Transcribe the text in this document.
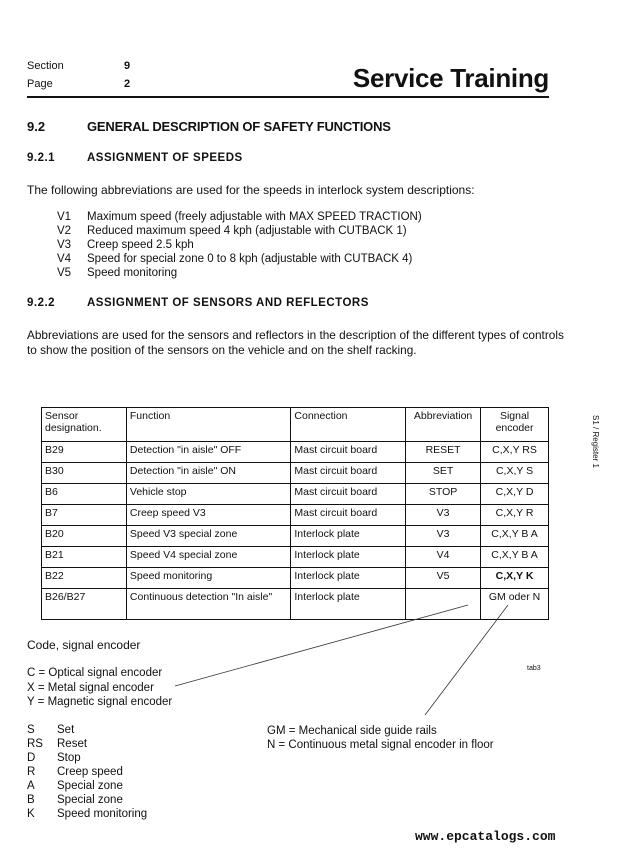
Section	9
Page	2	Service Training
9.2	GENERAL DESCRIPTION OF SAFETY FUNCTIONS
9.2.1	ASSIGNMENT OF SPEEDS
The following abbreviations are used for the speeds in interlock system descriptions:
V1 Maximum speed (freely adjustable with MAX SPEED TRACTION)
V2 Reduced maximum speed 4 kph (adjustable with CUTBACK 1)
V3 Creep speed 2.5 kph
V4 Speed for special zone 0 to 8 kph (adjustable with CUTBACK 4)
V5 Speed monitoring
9.2.2	ASSIGNMENT OF SENSORS AND REFLECTORS
Abbreviations are used for the sensors and reflectors in the description of the different types of controls
to show the position of the sensors on the vehicle and on the shelf racking.
Sensor
designation.	Function	Connection	Abbreviation	Signal
encoder
B29	Detection "in aisle" OFF	Mast circuit board	RESET	C,X,Y RS
B30	Detection "in aisle" ON	Mast circuit board	SET	C,X,Y S
B6	Vehicle stop	Mast circuit board	STOP	C,X,Y D
B7	Creep speed V3	Mast circuit board	V3	C,X,Y R
B20	Speed V3 special zone	Interlock plate	V3	C,X,Y B A
B21	Speed V4 special zone	Interlock plate	V4	C,X,Y B A
B22	Speed monitoring	Interlock plate	V5	C,X,Y K
B26/B27	Continuous detection "In aisle"	Interlock plate		GM oder N
S1 / Register 1
tab3
Code, signal encoder
C = Optical signal encoder
X = Metal signal encoder
Y = Magnetic signal encoder
GM = Mechanical side guide rails
N = Continuous metal signal encoder in floor
S Set
RS Reset
D Stop
R Creep speed
A Special zone
B Special zone
K Speed monitoring
www.epcatalogs.com
